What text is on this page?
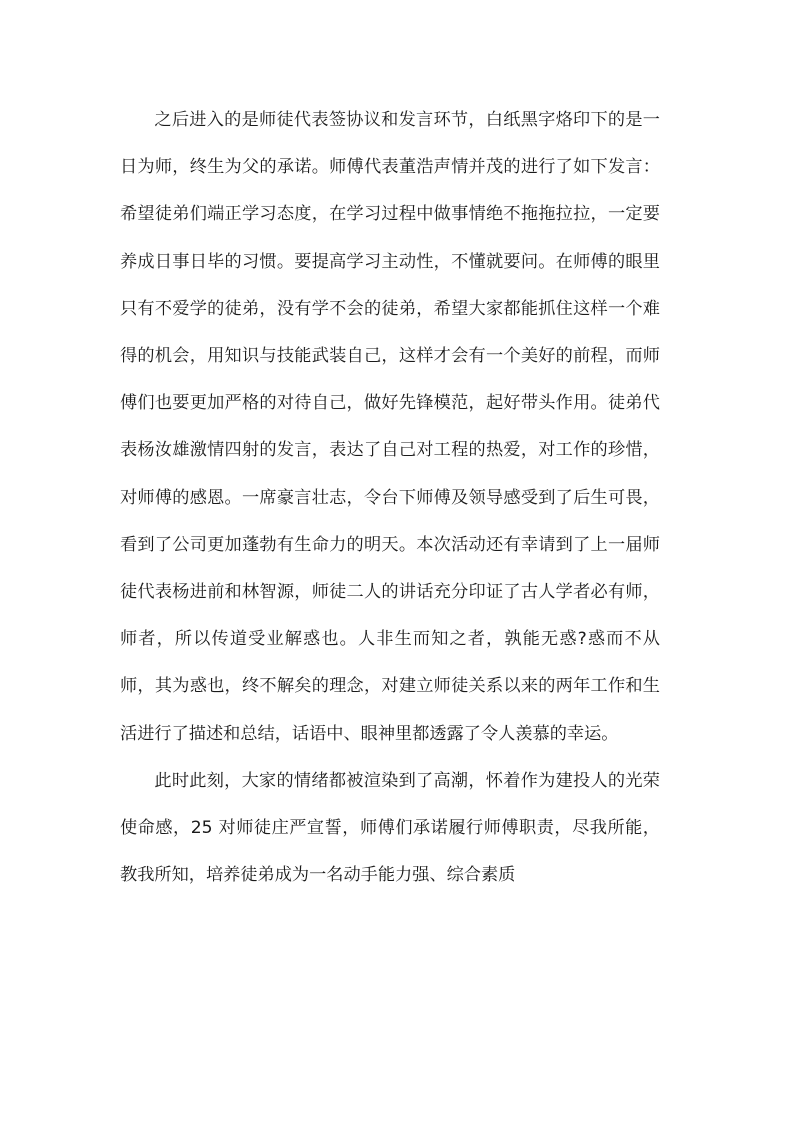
之后进入的是师徒代表签协议和发言环节，白纸黑字烙印下的是一日为师，终生为父的承诺。师傅代表董浩声情并茂的进行了如下发言：希望徒弟们端正学习态度，在学习过程中做事情绝不拖拖拉拉，一定要养成日事日毕的习惯。要提高学习主动性，不懂就要问。在师傅的眼里只有不爱学的徒弟，没有学不会的徒弟，希望大家都能抓住这样一个难得的机会，用知识与技能武装自己，这样才会有一个美好的前程，而师傅们也要更加严格的对待自己，做好先锋模范，起好带头作用。徒弟代表杨汝雄激情四射的发言，表达了自己对工程的热爱，对工作的珍惜，对师傅的感恩。一席豪言壮志，令台下师傅及领导感受到了后生可畏，看到了公司更加蓬勃有生命力的明天。本次活动还有幸请到了上一届师徒代表杨进前和林智源，师徒二人的讲话充分印证了古人学者必有师，师者，所以传道受业解惑也。人非生而知之者，孰能无惑?惑而不从师，其为惑也，终不解矣的理念，对建立师徒关系以来的两年工作和生活进行了描述和总结，话语中、眼神里都透露了令人羡慕的幸运。

此时此刻，大家的情绪都被渲染到了高潮，怀着作为建投人的光荣使命感，25 对师徒庄严宣誓，师傅们承诺履行师傅职责，尽我所能，教我所知，培养徒弟成为一名动手能力强、综合素质
